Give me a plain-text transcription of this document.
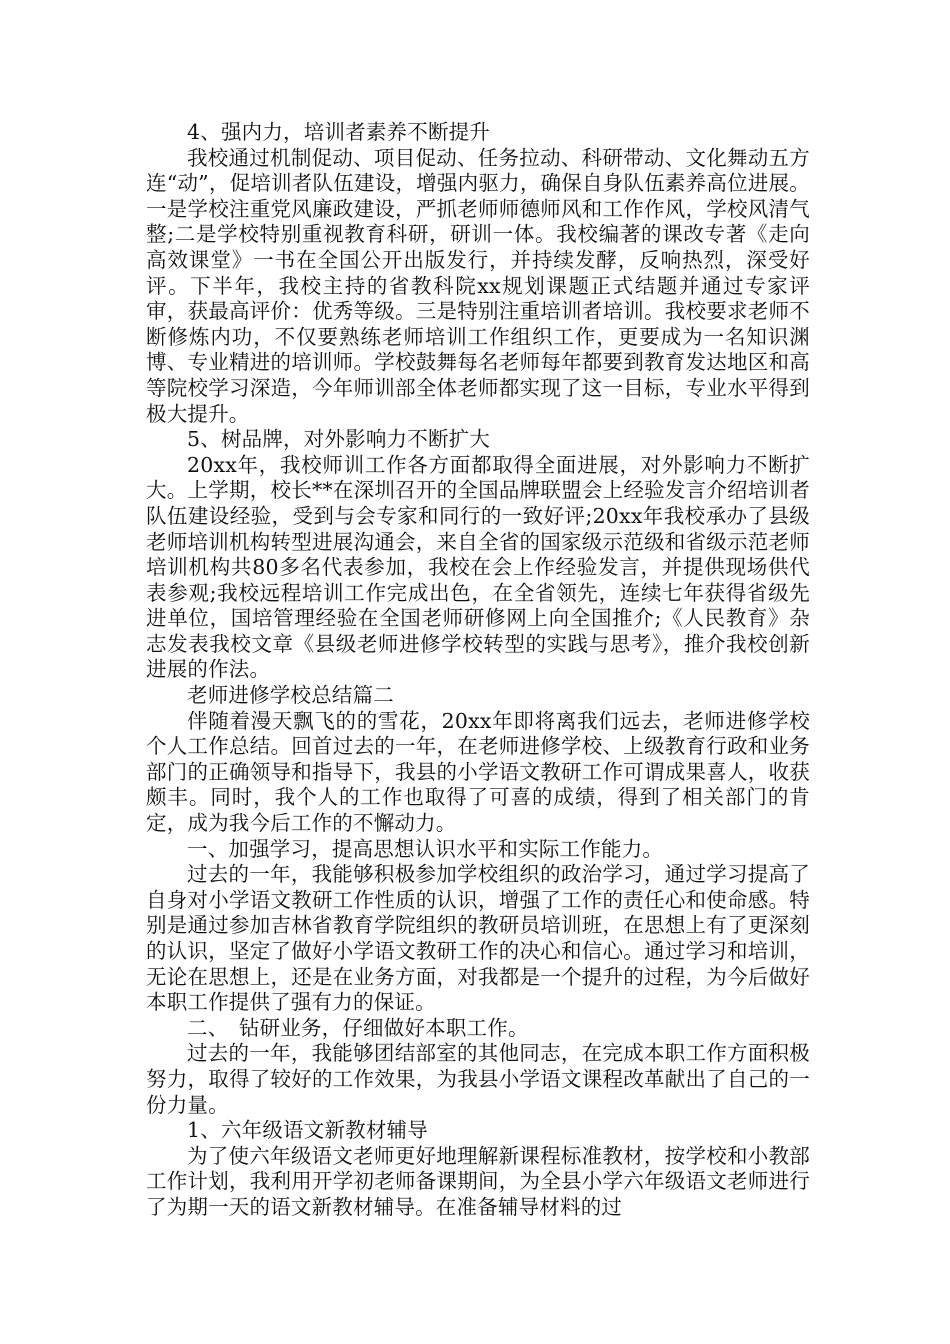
4、强内力，培训者素养不断提升

我校通过机制促动、项目促动、任务拉动、科研带动、文化舞动五方连“动”，促培训者队伍建设，增强内驱力，确保自身队伍素养高位进展。一是学校注重党风廉政建设，严抓老师师德师风和工作作风，学校风清气整;二是学校特别重视教育科研，研训一体。我校编著的课改专著《走向高效课堂》一书在全国公开出版发行，并持续发酵，反响热烈，深受好评。下半年，我校主持的省教科院xx规划课题正式结题并通过专家评审，获最高评价：优秀等级。三是特别注重培训者培训。我校要求老师不断修炼内功，不仅要熟练老师培训工作组织工作，更要成为一名知识渊博、专业精进的培训师。学校鼓舞每名老师每年都要到教育发达地区和高等院校学习深造，今年师训部全体老师都实现了这一目标，专业水平得到极大提升。

5、树品牌，对外影响力不断扩大

20xx年，我校师训工作各方面都取得全面进展，对外影响力不断扩大。上学期，校长**在深圳召开的全国品牌联盟会上经验发言介绍培训者队伍建设经验，受到与会专家和同行的一致好评;20xx年我校承办了县级老师培训机构转型进展沟通会，来自全省的国家级示范级和省级示范老师培训机构共80多名代表参加，我校在会上作经验发言，并提供现场供代表参观;我校远程培训工作完成出色，在全省领先，连续七年获得省级先进单位，国培管理经验在全国老师研修网上向全国推介;《人民教育》杂志发表我校文章《县级老师进修学校转型的实践与思考》，推介我校创新进展的作法。

老师进修学校总结篇二

伴随着漫天飘飞的的雪花，20xx年即将离我们远去，老师进修学校个人工作总结。回首过去的一年，在老师进修学校、上级教育行政和业务部门的正确领导和指导下，我县的小学语文教研工作可谓成果喜人，收获颇丰。同时，我个人的工作也取得了可喜的成绩，得到了相关部门的肯定，成为我今后工作的不懈动力。

一、加强学习，提高思想认识水平和实际工作能力。

过去的一年，我能够积极参加学校组织的政治学习，通过学习提高了自身对小学语文教研工作性质的认识，增强了工作的责任心和使命感。特别是通过参加吉林省教育学院组织的教研员培训班，在思想上有了更深刻的认识，坚定了做好小学语文教研工作的决心和信心。通过学习和培训，无论在思想上，还是在业务方面，对我都是一个提升的过程，为今后做好本职工作提供了强有力的保证。

二、　钻研业务，仔细做好本职工作。

过去的一年，我能够团结部室的其他同志，在完成本职工作方面积极努力，取得了较好的工作效果，为我县小学语文课程改革献出了自己的一份力量。

1、六年级语文新教材辅导

为了使六年级语文老师更好地理解新课程标准教材，按学校和小教部工作计划，我利用开学初老师备课期间，为全县小学六年级语文老师进行了为期一天的语文新教材辅导。在准备辅导材料的过
